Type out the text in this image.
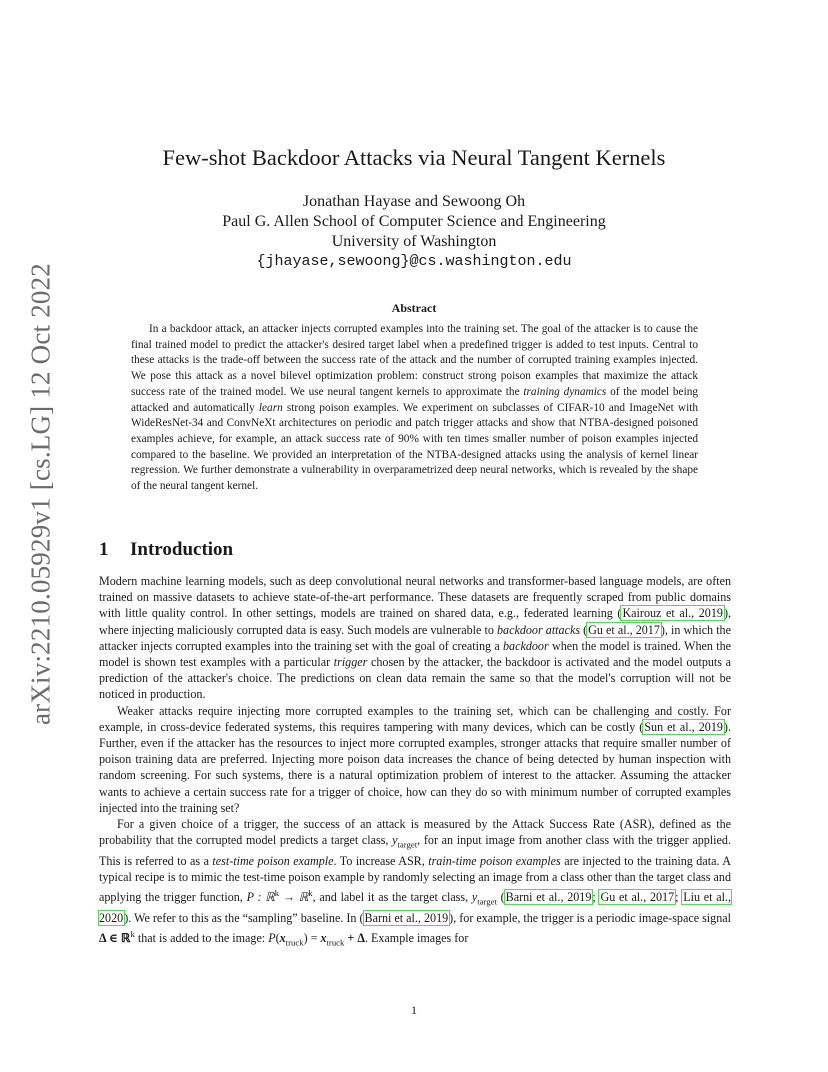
arXiv:2210.05929v1 [cs.LG] 12 Oct 2022
Few-shot Backdoor Attacks via Neural Tangent Kernels
Jonathan Hayase and Sewoong Oh
Paul G. Allen School of Computer Science and Engineering
University of Washington
{jhayase,sewoong}@cs.washington.edu
Abstract

In a backdoor attack, an attacker injects corrupted examples into the training set. The goal of the attacker is to cause the final trained model to predict the attacker's desired target label when a predefined trigger is added to test inputs. Central to these attacks is the trade-off between the success rate of the attack and the number of corrupted training examples injected. We pose this attack as a novel bilevel optimization problem: construct strong poison examples that maximize the attack success rate of the trained model. We use neural tangent kernels to approximate the training dynamics of the model being attacked and automatically learn strong poison examples. We experiment on subclasses of CIFAR-10 and ImageNet with WideResNet-34 and ConvNeXt architectures on periodic and patch trigger attacks and show that NTBA-designed poisoned examples achieve, for example, an attack success rate of 90% with ten times smaller number of poison examples injected compared to the baseline. We provided an interpretation of the NTBA-designed attacks using the analysis of kernel linear regression. We further demonstrate a vulnerability in overparametrized deep neural networks, which is revealed by the shape of the neural tangent kernel.

1 Introduction

Modern machine learning models, such as deep convolutional neural networks and transformer-based language models, are often trained on massive datasets to achieve state-of-the-art performance. These datasets are frequently scraped from public domains with little quality control. In other settings, models are trained on shared data, e.g., federated learning (Kairouz et al., 2019), where injecting maliciously corrupted data is easy. Such models are vulnerable to backdoor attacks (Gu et al., 2017), in which the attacker injects corrupted examples into the training set with the goal of creating a backdoor when the model is trained. When the model is shown test examples with a particular trigger chosen by the attacker, the backdoor is activated and the model outputs a prediction of the attacker's choice. The predictions on clean data remain the same so that the model's corruption will not be noticed in production.

Weaker attacks require injecting more corrupted examples to the training set, which can be challenging and costly. For example, in cross-device federated systems, this requires tampering with many devices, which can be costly (Sun et al., 2019). Further, even if the attacker has the resources to inject more corrupted examples, stronger attacks that require smaller number of poison training data are preferred. Injecting more poison data increases the chance of being detected by human inspection with random screening. For such systems, there is a natural optimization problem of interest to the attacker. Assuming the attacker wants to achieve a certain success rate for a trigger of choice, how can they do so with minimum number of corrupted examples injected into the training set?

For a given choice of a trigger, the success of an attack is measured by the Attack Success Rate (ASR), defined as the probability that the corrupted model predicts a target class, $y_{target}$, for an input image from another class with the trigger applied. This is referred to as a test-time poison example. To increase ASR, train-time poison examples are injected to the training data. A typical recipe is to mimic the test-time poison example by randomly selecting an image from a class other than the target class and applying the trigger function, P : ℝ$^k$ → ℝ$^k$, and label it as the target class, $y_{target}$ (Barni et al., 2019; Gu et al., 2017; Liu et al., 2020). We refer to this as the “sampling” baseline. In (Barni et al., 2019), for example, the trigger is a periodic image-space signal Δ ∈ ℝ$^k$ that is added to the image: $P(x_{truck}) = x_{truck} + \Delta$. Example images for

1
